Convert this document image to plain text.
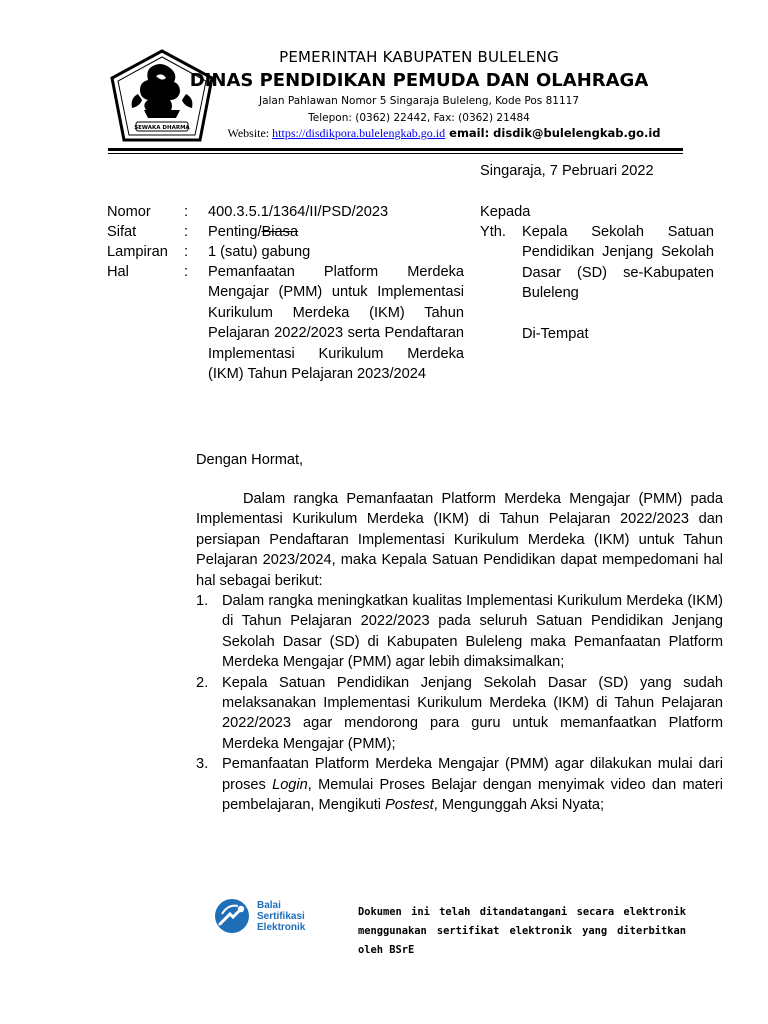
SEWAKA DHARMA
PEMERINTAH KABUPATEN BULELENG
DINAS PENDIDIKAN PEMUDA DAN OLAHRAGA
Jalan Pahlawan Nomor 5 Singaraja Buleleng, Kode Pos 81117
Telepon: (0362) 22442, Fax: (0362) 21484
Website: https://disdikpora.bulelengkab.go.id email: disdik@bulelengkab.go.id
Singaraja, 7 Pebruari 2022
Nomor : 400.3.5.1/1364/II/PSD/2023
Sifat	: Penting/Biasa
Lampiran : 1 (satu) gabung
Hal	: Pemanfaatan Platform Merdeka Mengajar (PMM) untuk Implementasi Kurikulum Merdeka (IKM) Tahun Pelajaran 2022/2023 serta Pendaftaran Implementasi Kurikulum Merdeka (IKM) Tahun Pelajaran 2023/2024
Kepada
Yth. Kepala Sekolah Satuan Pendidikan Jenjang Sekolah Dasar (SD) se-Kabupaten Buleleng
Di-Tempat
Dengan Hormat,
Dalam rangka Pemanfaatan Platform Merdeka Mengajar (PMM) pada Implementasi Kurikulum Merdeka (IKM) di Tahun Pelajaran 2022/2023 dan persiapan Pendaftaran Implementasi Kurikulum Merdeka (IKM) untuk Tahun Pelajaran 2023/2024, maka Kepala Satuan Pendidikan dapat mempedomani hal hal sebagai berikut:
1. Dalam rangka meningkatkan kualitas Implementasi Kurikulum Merdeka (IKM) di Tahun Pelajaran 2022/2023 pada seluruh Satuan Pendidikan Jenjang Sekolah Dasar (SD) di Kabupaten Buleleng maka Pemanfaatan Platform Merdeka Mengajar (PMM) agar lebih dimaksimalkan;
2. Kepala Satuan Pendidikan Jenjang Sekolah Dasar (SD) yang sudah melaksanakan Implementasi Kurikulum Merdeka (IKM) di Tahun Pelajaran 2022/2023 agar mendorong para guru untuk memanfaatkan Platform Merdeka Mengajar (PMM);
3. Pemanfaatan Platform Merdeka Mengajar (PMM) agar dilakukan mulai dari proses Login, Memulai Proses Belajar dengan menyimak video dan materi pembelajaran, Mengikuti Postest, Mengunggah Aksi Nyata;
Balai
Sertifikasi
Elektronik
Dokumen ini telah ditandatangani secara elektronik menggunakan sertifikat elektronik yang diterbitkan oleh BSrE
